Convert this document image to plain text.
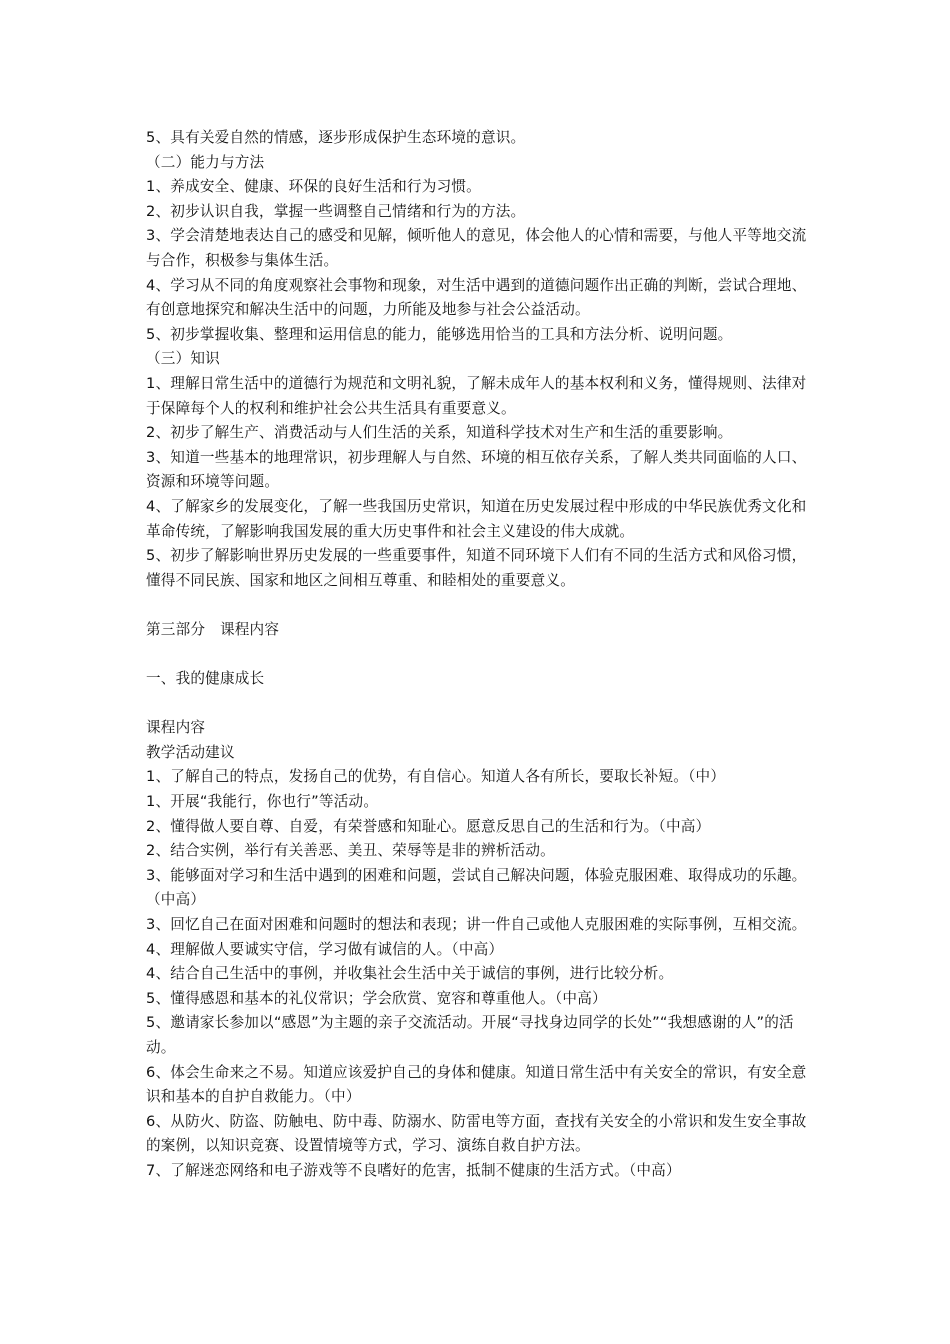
5、具有关爱自然的情感，逐步形成保护生态环境的意识。

（二）能力与方法

1、养成安全、健康、环保的良好生活和行为习惯。

2、初步认识自我，掌握一些调整自己情绪和行为的方法。

3、学会清楚地表达自己的感受和见解，倾听他人的意见，体会他人的心情和需要，与他人平等地交流与合作，积极参与集体生活。

4、学习从不同的角度观察社会事物和现象，对生活中遇到的道德问题作出正确的判断，尝试合理地、有创意地探究和解决生活中的问题，力所能及地参与社会公益活动。

5、初步掌握收集、整理和运用信息的能力，能够选用恰当的工具和方法分析、说明问题。

（三）知识

1、理解日常生活中的道德行为规范和文明礼貌，了解未成年人的基本权利和义务，懂得规则、法律对于保障每个人的权利和维护社会公共生活具有重要意义。

2、初步了解生产、消费活动与人们生活的关系，知道科学技术对生产和生活的重要影响。

3、知道一些基本的地理常识，初步理解人与自然、环境的相互依存关系，了解人类共同面临的人口、资源和环境等问题。

4、了解家乡的发展变化，了解一些我国历史常识，知道在历史发展过程中形成的中华民族优秀文化和革命传统，了解影响我国发展的重大历史事件和社会主义建设的伟大成就。

5、初步了解影响世界历史发展的一些重要事件，知道不同环境下人们有不同的生活方式和风俗习惯，懂得不同民族、国家和地区之间相互尊重、和睦相处的重要意义。

第三部分　课程内容

一、我的健康成长

课程内容

教学活动建议

1、了解自己的特点，发扬自己的优势，有自信心。知道人各有所长，要取长补短。（中）

1、开展“我能行，你也行”等活动。

2、懂得做人要自尊、自爱，有荣誉感和知耻心。愿意反思自己的生活和行为。（中高）

2、结合实例，举行有关善恶、美丑、荣辱等是非的辨析活动。

3、能够面对学习和生活中遇到的困难和问题，尝试自己解决问题，体验克服困难、取得成功的乐趣。（中高）

3、回忆自己在面对困难和问题时的想法和表现；讲一件自己或他人克服困难的实际事例，互相交流。

4、理解做人要诚实守信，学习做有诚信的人。（中高）

4、结合自己生活中的事例，并收集社会生活中关于诚信的事例，进行比较分析。

5、懂得感恩和基本的礼仪常识；学会欣赏、宽容和尊重他人。（中高）

5、邀请家长参加以“感恩”为主题的亲子交流活动。开展“寻找身边同学的长处”“我想感谢的人”的活动。

6、体会生命来之不易。知道应该爱护自己的身体和健康。知道日常生活中有关安全的常识，有安全意识和基本的自护自救能力。（中）

6、从防火、防盗、防触电、防中毒、防溺水、防雷电等方面，查找有关安全的小常识和发生安全事故的案例，以知识竞赛、设置情境等方式，学习、演练自救自护方法。

7、了解迷恋网络和电子游戏等不良嗜好的危害，抵制不健康的生活方式。（中高）
